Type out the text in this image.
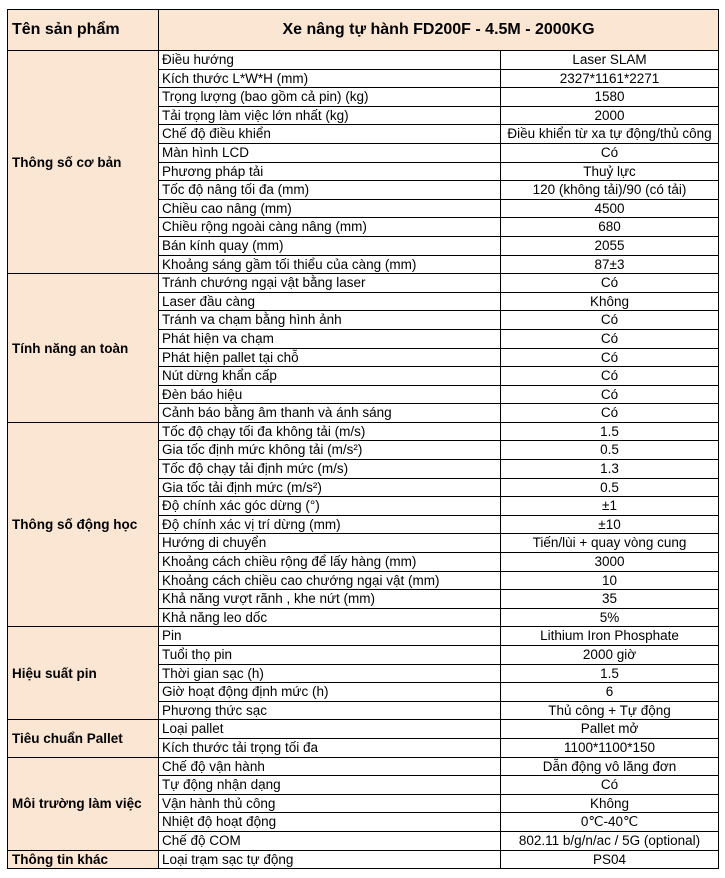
Tên sản phẩm	Xe nâng tự hành FD200F - 4.5M - 2000KG	
Thông số cơ bản	Điều hướng	Laser SLAM
	Kích thước L*W*H (mm)	2327*1161*2271
	Trọng lượng (bao gồm cả pin) (kg)	1580
	Tải trọng làm việc lớn nhất (kg)	2000
	Chế độ điều khiển	Điều khiển từ xa tự động/thủ công
	Màn hình LCD	Có
	Phương pháp tải	Thuỷ lực
	Tốc độ nâng tối đa (mm)	120 (không tải)/90 (có tải)
	Chiều cao nâng (mm)	4500
	Chiều rộng ngoài càng nâng (mm)	680
	Bán kính quay (mm)	2055
	Khoảng sáng gầm tối thiểu của càng (mm)	87±3
Tính năng an toàn	Tránh chướng ngại vật bằng laser	Có
	Laser đầu càng	Không
	Tránh va chạm bằng hình ảnh	Có
	Phát hiện va chạm	Có
	Phát hiện pallet tại chỗ	Có
	Nút dừng khẩn cấp	Có
	Đèn báo hiệu	Có
	Cảnh báo bằng âm thanh và ánh sáng	Có
Thông số động học	Tốc độ chạy tối đa không tải (m/s)	1.5
	Gia tốc định mức không tải (m/s²)	0.5
	Tốc độ chạy tải định mức (m/s)	1.3
	Gia tốc tải định mức (m/s²)	0.5
	Độ chính xác góc dừng (°)	±1
	Độ chính xác vị trí dừng (mm)	±10
	Hướng di chuyển	Tiến/lùi + quay vòng cung
	Khoảng cách chiều rộng để lấy hàng (mm)	3000
	Khoảng cách chiều cao chướng ngại vật (mm)	10
	Khả năng vượt rãnh , khe nứt (mm)	35
	Khả năng leo dốc	5%
Hiệu suất pin	Pin	Lithium Iron Phosphate
	Tuổi thọ pin	2000 giờ
	Thời gian sạc (h)	1.5
	Giờ hoạt động định mức (h)	6
	Phương thức sạc	Thủ công + Tự động
Tiêu chuẩn Pallet	Loại pallet	Pallet mở
	Kích thước tải trọng tối đa	1100*1100*150
Môi trường làm việc	Chế độ vận hành	Dẫn động vô lăng đơn
	Tự động nhận dạng	Có
	Vận hành thủ công	Không
	Nhiệt độ hoạt động	0℃-40℃
	Chế độ COM	802.11 b/g/n/ac / 5G (optional)
Thông tin khác	Loại trạm sạc tự động	PS04
